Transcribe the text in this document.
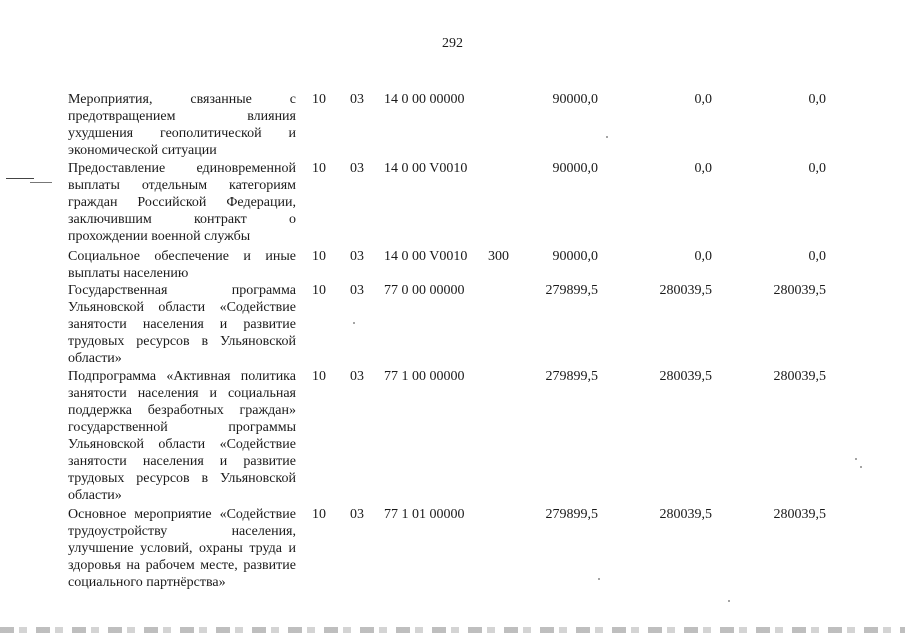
292
Мероприятия, связанные с предотвращением влияния ухудшения геополитической и экономической ситуации
10 03 14 0 00 00000	90000,0	0,0	0,0
Предоставление единовременной выплаты отдельным категориям граждан Российской Федерации, заключившим контракт о прохождении военной службы
10 03 14 0 00 V0010	90000,0	0,0	0,0
Социальное обеспечение и иные выплаты населению
10 03 14 0 00 V0010 300	90000,0	0,0	0,0
Государственная программа Ульяновской области «Содействие занятости населения и развитие трудовых ресурсов в Ульяновской области»
10 03 77 0 00 00000	279899,5	280039,5	280039,5
Подпрограмма «Активная политика занятости населения и социальная поддержка безработных граждан» государственной программы Ульяновской области «Содействие занятости населения и развитие трудовых ресурсов в Ульяновской области»
10 03 77 1 00 00000	279899,5	280039,5	280039,5
Основное мероприятие «Содействие трудоустройству населения, улучшение условий, охраны труда и здоровья на рабочем месте, развитие социального партнёрства»
10 03 77 1 01 00000	279899,5	280039,5	280039,5
